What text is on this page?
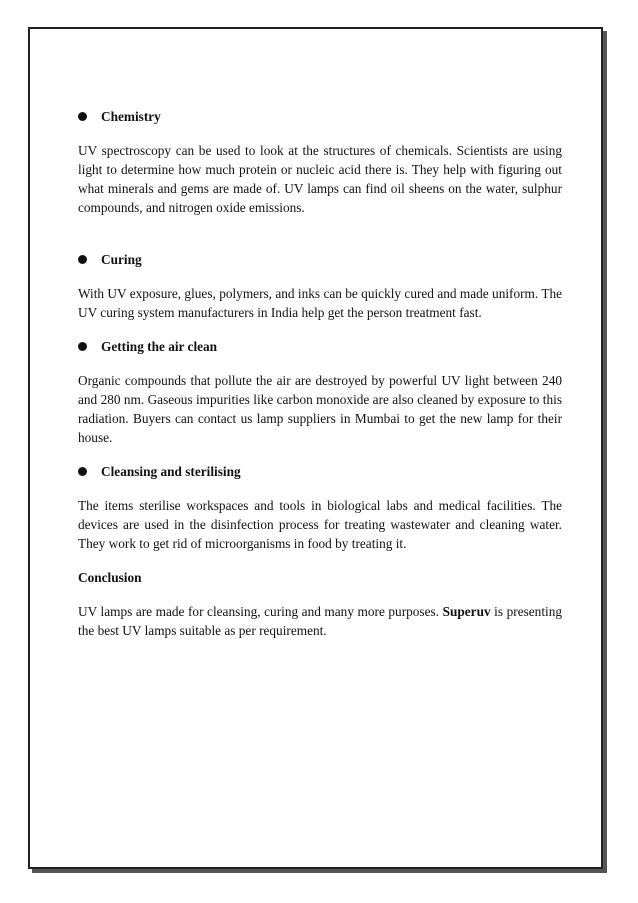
Chemistry

UV spectroscopy can be used to look at the structures of chemicals. Scientists are using light to determine how much protein or nucleic acid there is. They help with figuring out what minerals and gems are made of. UV lamps can find oil sheens on the water, sulphur compounds, and nitrogen oxide emissions.

Curing

With UV exposure, glues, polymers, and inks can be quickly cured and made uniform. The UV curing system manufacturers in India help get the person treatment fast.

Getting the air clean

Organic compounds that pollute the air are destroyed by powerful UV light between 240 and 280 nm. Gaseous impurities like carbon monoxide are also cleaned by exposure to this radiation. Buyers can contact us lamp suppliers in Mumbai to get the new lamp for their house.

Cleansing and sterilising

The items sterilise workspaces and tools in biological labs and medical facilities. The devices are used in the disinfection process for treating wastewater and cleaning water. They work to get rid of microorganisms in food by treating it.

Conclusion

UV lamps are made for cleansing, curing and many more purposes. Superuv is presenting the best UV lamps suitable as per requirement.
